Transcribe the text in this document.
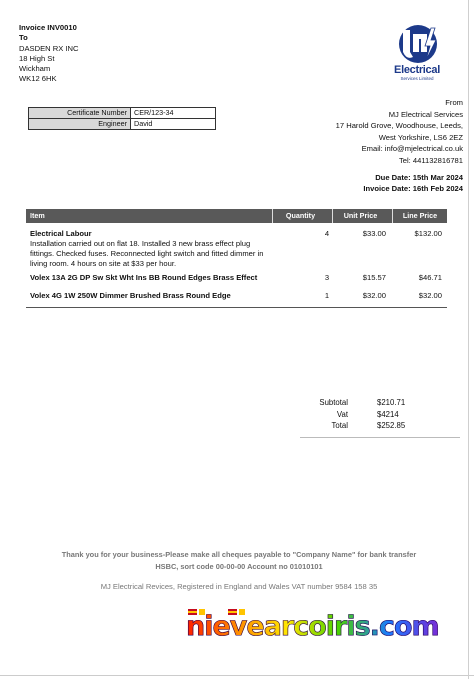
Invoice INV0010
To
DASDEN RX INC
18 High St
Wickham
WK12 6HK
Electrical
Services Limited
Certificate Number	CER/123-34
Engineer	David
From
MJ Electrical Services
17 Harold Grove, Woodhouse, Leeds,
West Yorkshire, LS6 2EZ
Email: info@mjelectrical.co.uk
Tel: 441132816781
Due Date: 15th Mar 2024
Invoice Date: 16th Feb 2024
Item	Quantity	Unit Price	Line Price
Electrical Labour
Installation carried out on flat 18. Installed 3 new brass effect plug fittings. Checked fuses. Reconnected light switch and fitted dimmer in living room. 4 hours on site at $33 per hour.
4	$33.00	$132.00
Volex 13A 2G DP Sw Skt Wht Ins BB Round Edges Brass Effect	3	$15.57	$46.71
Volex 4G 1W 250W Dimmer Brushed Brass Round Edge	1	$32.00	$32.00
Subtotal	$210.71
Vat	$4214
Total	$252.85
Thank you for your business-Please make all cheques payable to "Company Name" for bank transfer
HSBC, sort code 00-00-00 Account no 01010101
MJ Electrical Revices, Registered in England and Wales VAT number 9584 158 35
nievearcoiris.com
